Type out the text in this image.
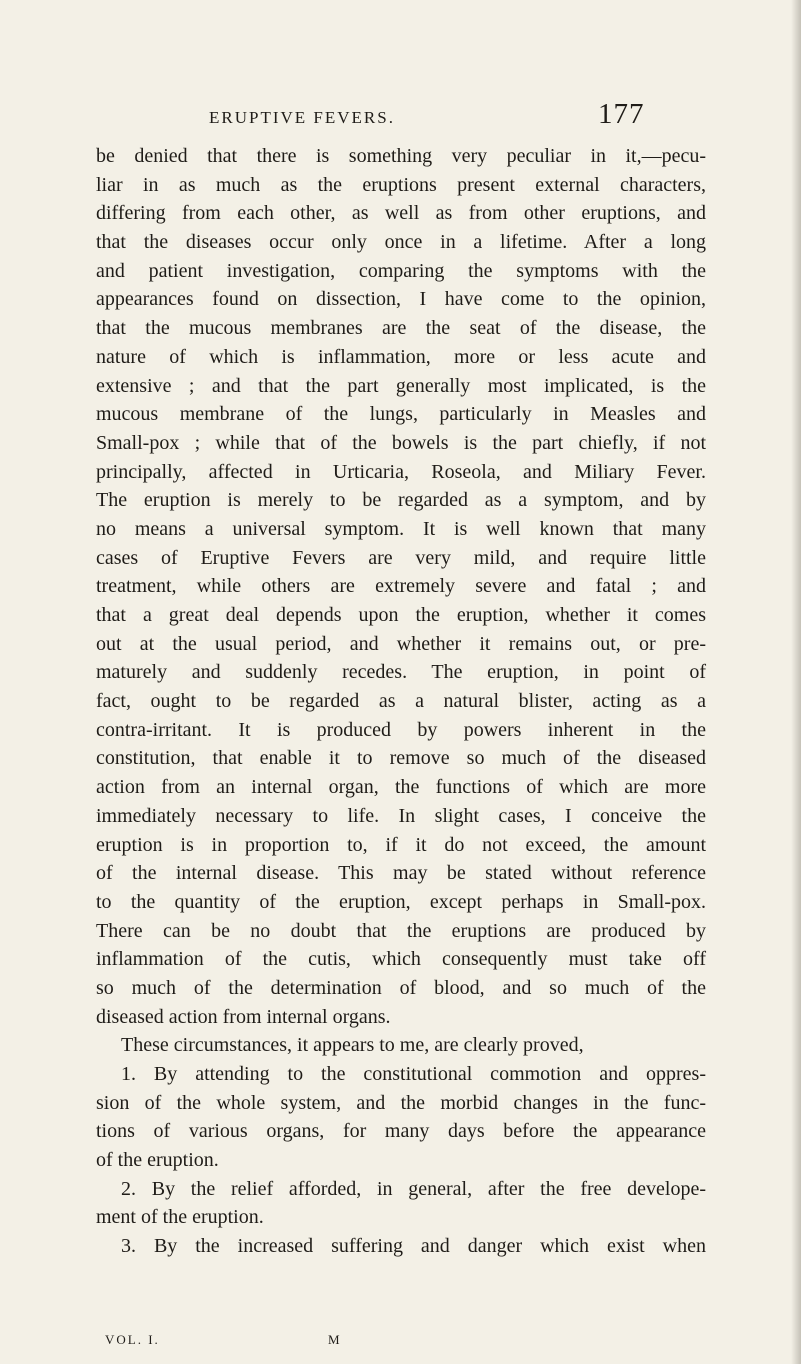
ERUPTIVE FEVERS.	177
be denied that there is something very peculiar in it,—pecu-
liar in as much as the eruptions present external characters,
differing from each other, as well as from other eruptions, and
that the diseases occur only once in a lifetime. After a long
and patient investigation, comparing the symptoms with the
appearances found on dissection, I have come to the opinion,
that the mucous membranes are the seat of the disease, the
nature of which is inflammation, more or less acute and
extensive ; and that the part generally most implicated, is the
mucous membrane of the lungs, particularly in Measles and
Small-pox ; while that of the bowels is the part chiefly, if not
principally, affected in Urticaria, Roseola, and Miliary Fever.
The eruption is merely to be regarded as a symptom, and by
no means a universal symptom. It is well known that many
cases of Eruptive Fevers are very mild, and require little
treatment, while others are extremely severe and fatal ; and
that a great deal depends upon the eruption, whether it comes
out at the usual period, and whether it remains out, or pre-
maturely and suddenly recedes. The eruption, in point of
fact, ought to be regarded as a natural blister, acting as a
contra-irritant. It is produced by powers inherent in the
constitution, that enable it to remove so much of the diseased
action from an internal organ, the functions of which are more
immediately necessary to life. In slight cases, I conceive the
eruption is in proportion to, if it do not exceed, the amount
of the internal disease. This may be stated without reference
to the quantity of the eruption, except perhaps in Small-pox.
There can be no doubt that the eruptions are produced by
inflammation of the cutis, which consequently must take off
so much of the determination of blood, and so much of the
diseased action from internal organs.
These circumstances, it appears to me, are clearly proved,
1. By attending to the constitutional commotion and oppres-
sion of the whole system, and the morbid changes in the func-
tions of various organs, for many days before the appearance
of the eruption.
2. By the relief afforded, in general, after the free develope-
ment of the eruption.
3. By the increased suffering and danger which exist when
VOL. I.	M
